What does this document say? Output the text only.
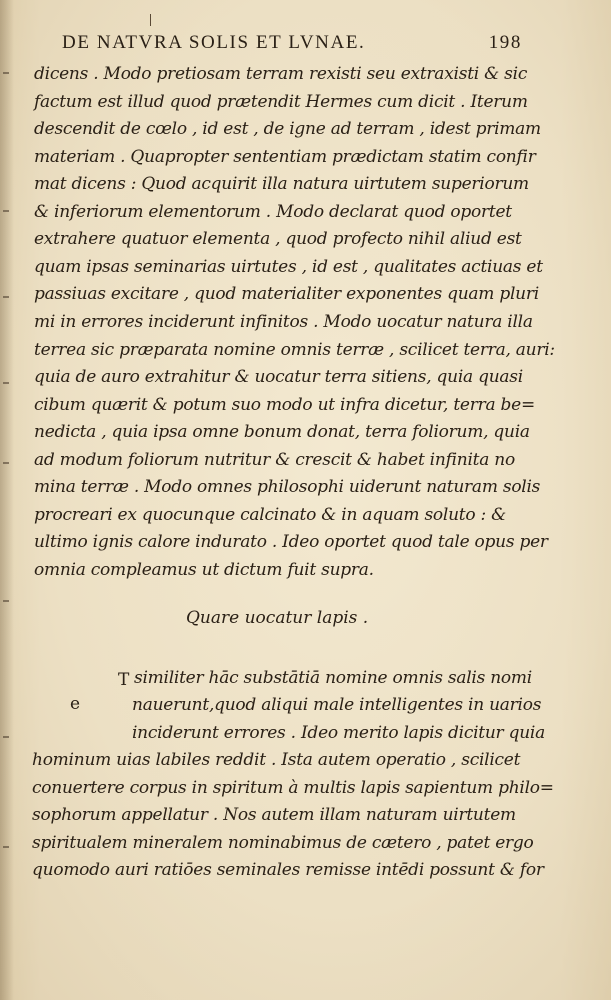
DE NATVRA SOLIS ET LVNAE.	198
dicens . Modo pretiosam terram rexisti seu extraxisti & sic
factum est illud quod prætendit Hermes cum dicit . Iterum
descendit de cœlo , id est , de igne ad terram , idest primam
materiam . Quapropter sententiam prædictam statim confir
mat dicens : Quod acquirit illa natura uirtutem superiorum
& inferiorum elementorum . Modo declarat quod oportet
extrahere quatuor elementa , quod profecto nihil aliud est
quam ipsas seminarias uirtutes , id est , qualitates actiuas et
passiuas excitare , quod materialiter exponentes quam pluri
mi in errores inciderunt infinitos . Modo uocatur natura illa
terrea sic præparata nomine omnis terræ , scilicet terra, auri:
quia de auro extrahitur & uocatur terra sitiens, quia quasi
cibum quærit & potum suo modo ut infra dicetur, terra be=
nedicta , quia ipsa omne bonum donat, terra foliorum, quia
ad modum foliorum nutritur & crescit & habet infinita no
mina terræ . Modo omnes philosophi uiderunt naturam solis
procreari ex quocunque calcinato & in aquam soluto : &
ultimo ignis calore indurato . Ideo oportet quod tale opus per
omnia compleamus ut dictum fuit supra.
Quare uocatur lapis .
T
e
similiter hāc substātiā nomine omnis salis nomi
nauerunt,quod aliqui male intelligentes in uarios
inciderunt errores . Ideo merito lapis dicitur quia
hominum uias labiles reddit . Ista autem operatio , scilicet
conuertere corpus in spiritum à multis lapis sapientum philo=
sophorum appellatur . Nos autem illam naturam uirtutem
spiritualem mineralem nominabimus de cætero , patet ergo
quomodo auri ratiōes seminales remisse intēdi possunt & for
